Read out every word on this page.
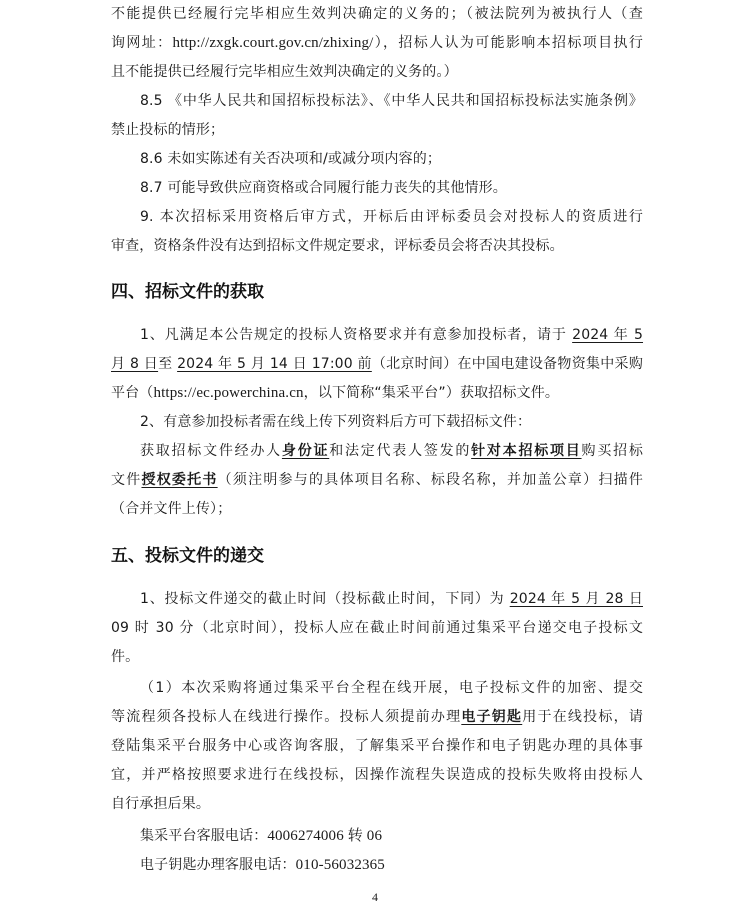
不能提供已经履行完毕相应生效判决确定的义务的；（被法院列为被执行人（查
询网址：http://zxgk.court.gov.cn/zhixing/），招标人认为可能影响本招标项目执行
且不能提供已经履行完毕相应生效判决确定的义务的。）
8.5 《中华人民共和国招标投标法》、《中华人民共和国招标投标法实施条例》
禁止投标的情形；
8.6 未如实陈述有关否决项和/或减分项内容的；
8.7 可能导致供应商资格或合同履行能力丧失的其他情形。
9. 本次招标采用资格后审方式，开标后由评标委员会对投标人的资质进行
审查，资格条件没有达到招标文件规定要求，评标委员会将否决其投标。
四、招标文件的获取
1、凡满足本公告规定的投标人资格要求并有意参加投标者，请于 2024 年 5
月 8 日至 2024 年 5 月 14 日 17:00 前（北京时间）在中国电建设备物资集中采购
平台（https://ec.powerchina.cn，以下简称“集采平台”）获取招标文件。
2、有意参加投标者需在线上传下列资料后方可下载招标文件：
获取招标文件经办人身份证和法定代表人签发的针对本招标项目购买招标
文件授权委托书（须注明参与的具体项目名称、标段名称，并加盖公章）扫描件
（合并文件上传）；
五、投标文件的递交
1、投标文件递交的截止时间（投标截止时间，下同）为 2024 年 5 月 28 日
09 时 30 分（北京时间），投标人应在截止时间前通过集采平台递交电子投标文
件。
（1）本次采购将通过集采平台全程在线开展，电子投标文件的加密、提交
等流程须各投标人在线进行操作。投标人须提前办理电子钥匙用于在线投标，请
登陆集采平台服务中心或咨询客服，了解集采平台操作和电子钥匙办理的具体事
宜，并严格按照要求进行在线投标，因操作流程失误造成的投标失败将由投标人
自行承担后果。
集采平台客服电话：4006274006 转 06
电子钥匙办理客服电话：010-56032365
4
